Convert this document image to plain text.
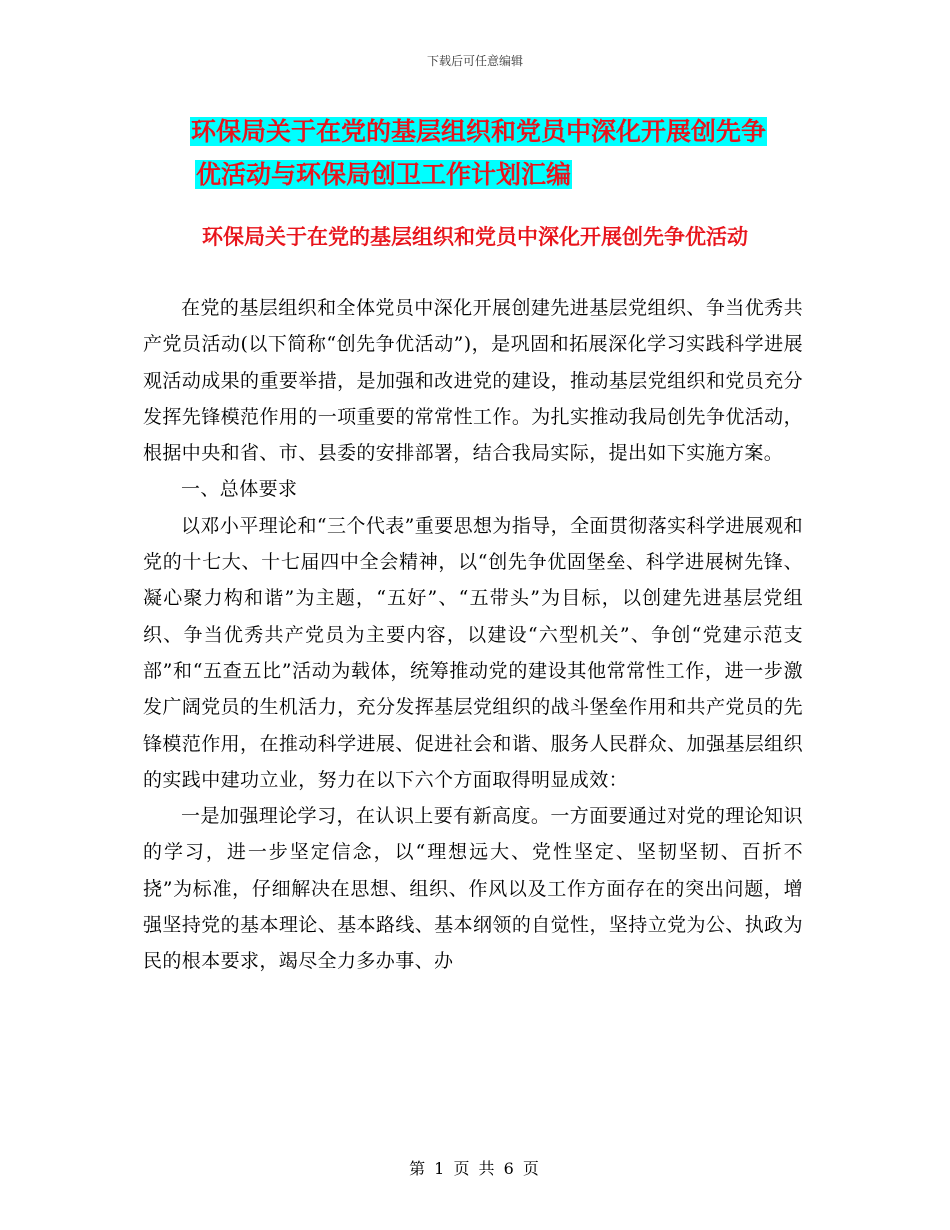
下载后可任意编辑
环保局关于在党的基层组织和党员中深化开展创先争
优活动与环保局创卫工作计划汇编
环保局关于在党的基层组织和党员中深化开展创先争优活动

在党的基层组织和全体党员中深化开展创建先进基层党组织、争当优秀共产党员活动(以下简称“创先争优活动”)，是巩固和拓展深化学习实践科学进展观活动成果的重要举措，是加强和改进党的建设，推动基层党组织和党员充分发挥先锋模范作用的一项重要的常常性工作。为扎实推动我局创先争优活动，根据中央和省、市、县委的安排部署，结合我局实际，提出如下实施方案。

一、总体要求

以邓小平理论和“三个代表”重要思想为指导，全面贯彻落实科学进展观和党的十七大、十七届四中全会精神，以“创先争优固堡垒、科学进展树先锋、凝心聚力构和谐”为主题，“五好”、“五带头”为目标，以创建先进基层党组织、争当优秀共产党员为主要内容，以建设“六型机关”、争创“党建示范支部”和“五查五比”活动为载体，统筹推动党的建设其他常常性工作，进一步激发广阔党员的生机活力，充分发挥基层党组织的战斗堡垒作用和共产党员的先锋模范作用，在推动科学进展、促进社会和谐、服务人民群众、加强基层组织的实践中建功立业，努力在以下六个方面取得明显成效：

一是加强理论学习，在认识上要有新高度。一方面要通过对党的理论知识的学习，进一步坚定信念，以“理想远大、党性坚定、坚韧坚韧、百折不挠”为标准，仔细解决在思想、组织、作风以及工作方面存在的突出问题，增强坚持党的基本理论、基本路线、基本纲领的自觉性，坚持立党为公、执政为民的根本要求，竭尽全力多办事、办

第 1 页 共 6 页
